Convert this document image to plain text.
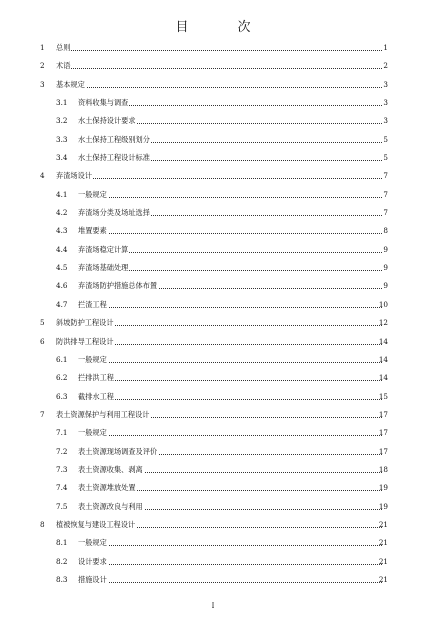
目　次
1 总则	1
2 术语	2
3 基本规定	3
3.1 资料收集与调查	3
3.2 水土保持设计要求	3
3.3 水土保持工程级别划分	5
3.4 水土保持工程设计标准	5
4 弃渣场设计	7
4.1 一般规定	7
4.2 弃渣场分类及场址选择	7
4.3 堆置要素	8
4.4 弃渣场稳定计算	9
4.5 弃渣场基础处理	9
4.6 弃渣场防护措施总体布置	9
4.7 拦渣工程	10
5 斜坡防护工程设计	12
6 防洪排导工程设计	14
6.1 一般规定	14
6.2 拦排洪工程	14
6.3 截排水工程	15
7 表土资源保护与利用工程设计	17
7.1 一般规定	17
7.2 表土资源现场调查及评价	17
7.3 表土资源收集、剥离	18
7.4 表土资源堆放处置	19
7.5 表土资源改良与利用	19
8 植被恢复与建设工程设计	21
8.1 一般规定	21
8.2 设计要求	21
8.3 措施设计	21
I
